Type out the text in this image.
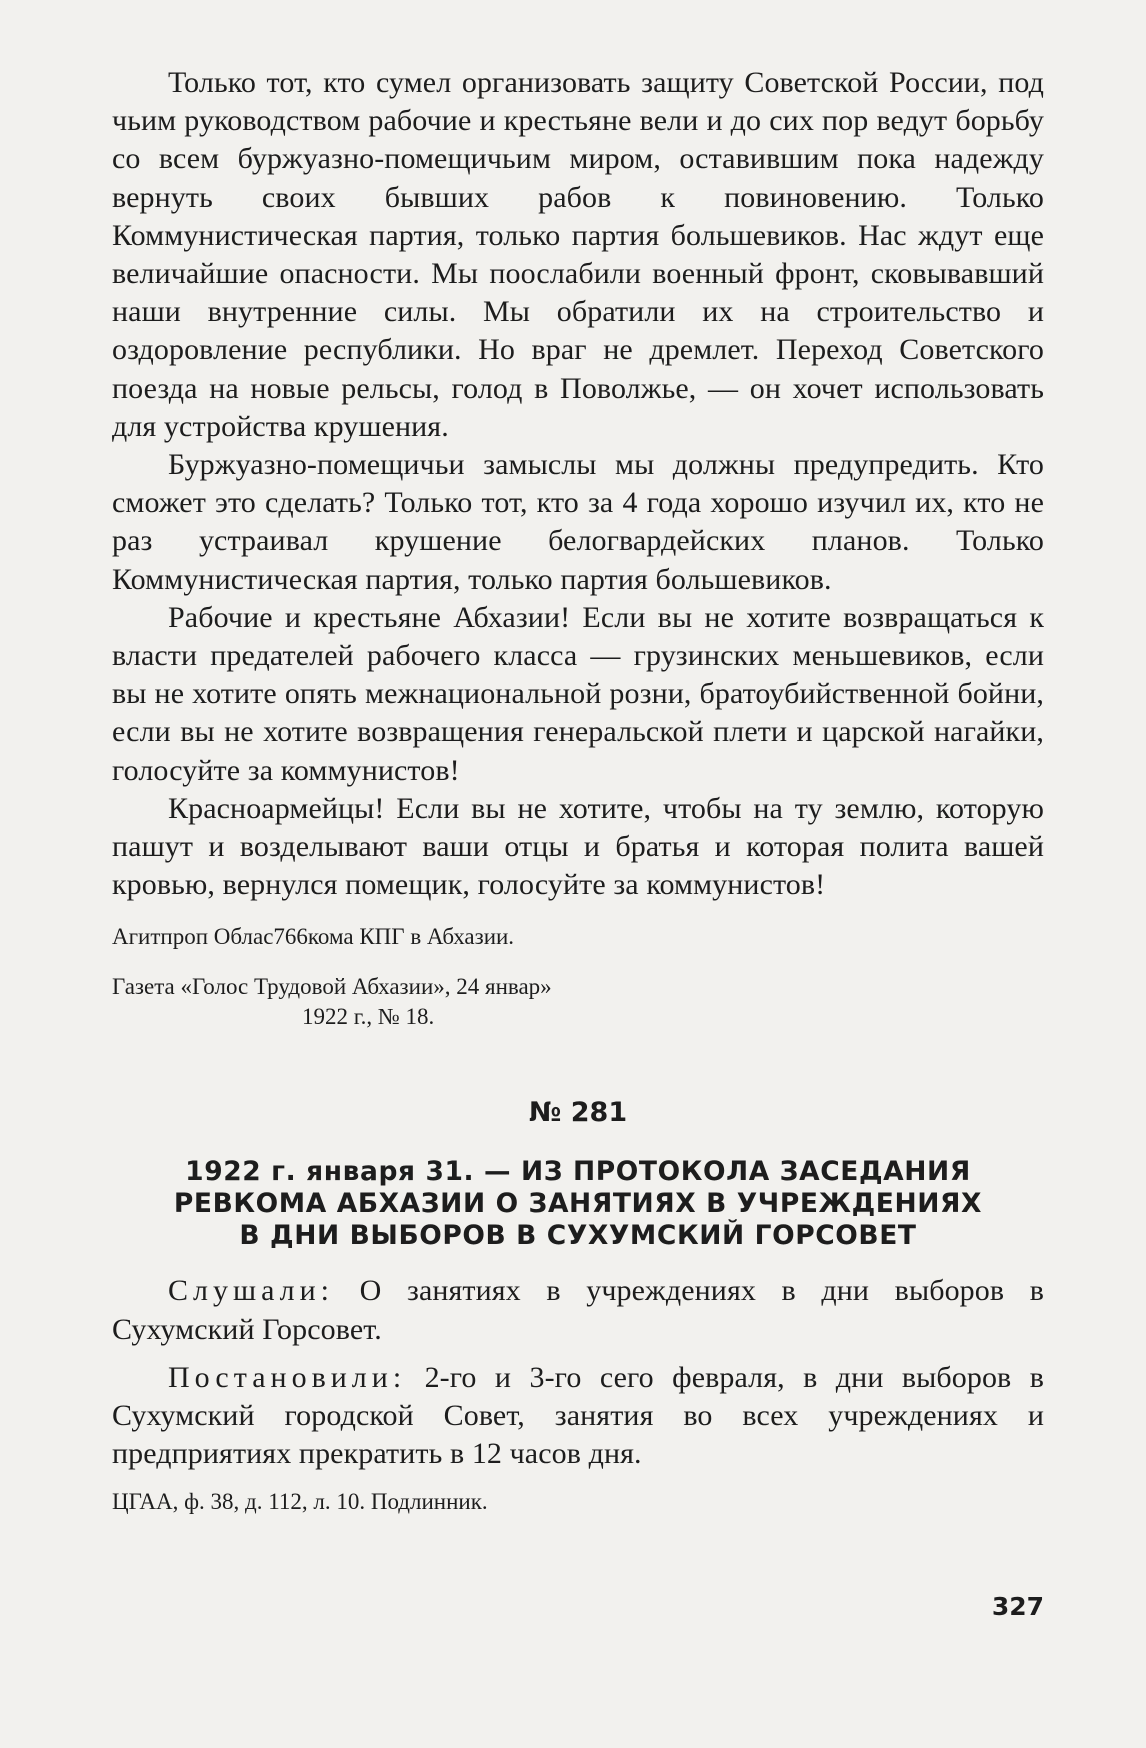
Только тот, кто сумел организовать защиту Советской России, под чьим руководством рабочие и крестьяне вели и до сих пор ведут борьбу со всем буржуазно-помещичьим миром, оставившим пока надежду вернуть своих бывших рабов к повиновению. Только Коммунистическая партия, только партия большевиков. Нас ждут еще величайшие опасности. Мы поослабили военный фронт, сковывавший наши внутренние силы. Мы обратили их на строительство и оздоровление республики. Но враг не дремлет. Переход Советского поезда на новые рельсы, голод в Поволжье, — он хочет использовать для устройства крушения.

Буржуазно-помещичьи замыслы мы должны предупредить. Кто сможет это сделать? Только тот, кто за 4 года хорошо изучил их, кто не раз устраивал крушение белогвардейских планов. Только Коммунистическая партия, только партия большевиков.

Рабочие и крестьяне Абхазии! Если вы не хотите возвращаться к власти предателей рабочего класса — грузинских меньшевиков, если вы не хотите опять межнациональной розни, братоубийственной бойни, если вы не хотите возвращения генеральской плети и царской нагайки, голосуйте за коммунистов!

Красноармейцы! Если вы не хотите, чтобы на ту землю, которую пашут и возделывают ваши отцы и братья и которая полита вашей кровью, вернулся помещик, голосуйте за коммунистов!

Агитпроп Облас766кома КПГ в Абхазии.

Газета «Голос Трудовой Абхазии», 24 январ»
1922 г., № 18.

№ 281

1922 г. января 31. — ИЗ ПРОТОКОЛА ЗАСЕДАНИЯ
РЕВКОМА АБХАЗИИ О ЗАНЯТИЯХ В УЧРЕЖДЕНИЯХ
В ДНИ ВЫБОРОВ В СУХУМСКИЙ ГОРСОВЕТ

Слушали: О занятиях в учреждениях в дни выборов в Сухумский Горсовет.

Постановили: 2-го и 3-го сего февраля, в дни выборов в Сухумский городской Совет, занятия во всех учреждениях и предприятиях прекратить в 12 часов дня.

ЦГАА, ф. 38, д. 112, л. 10. Подлинник.

327
